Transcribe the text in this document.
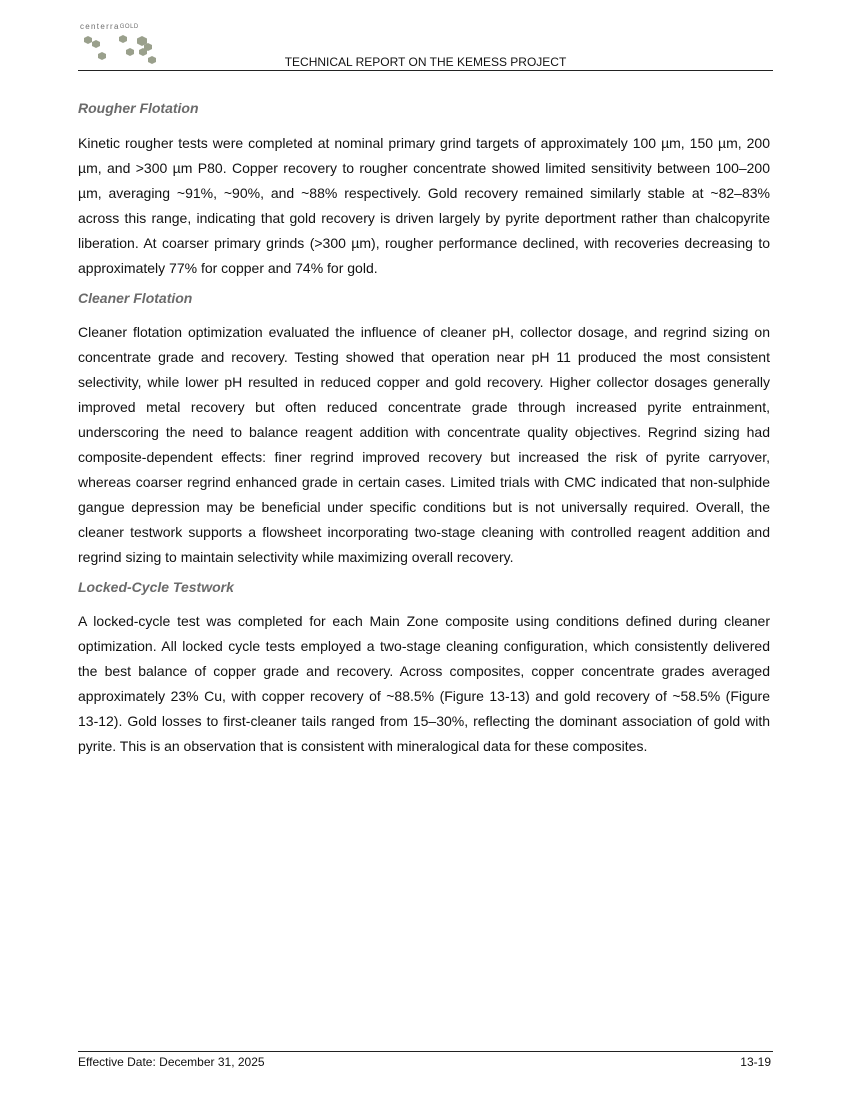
centerraGOLD
TECHNICAL REPORT ON THE KEMESS PROJECT
Rougher Flotation

Kinetic rougher tests were completed at nominal primary grind targets of approximately 100 µm, 150 µm, 200 µm, and >300 µm P80. Copper recovery to rougher concentrate showed limited sensitivity between 100–200 µm, averaging ~91%, ~90%, and ~88% respectively. Gold recovery remained similarly stable at ~82–83% across this range, indicating that gold recovery is driven largely by pyrite deportment rather than chalcopyrite liberation. At coarser primary grinds (>300 µm), rougher performance declined, with recoveries decreasing to approximately 77% for copper and 74% for gold.

Cleaner Flotation

Cleaner flotation optimization evaluated the influence of cleaner pH, collector dosage, and regrind sizing on concentrate grade and recovery. Testing showed that operation near pH 11 produced the most consistent selectivity, while lower pH resulted in reduced copper and gold recovery. Higher collector dosages generally improved metal recovery but often reduced concentrate grade through increased pyrite entrainment, underscoring the need to balance reagent addition with concentrate quality objectives. Regrind sizing had composite-dependent effects: finer regrind improved recovery but increased the risk of pyrite carryover, whereas coarser regrind enhanced grade in certain cases. Limited trials with CMC indicated that non-sulphide gangue depression may be beneficial under specific conditions but is not universally required. Overall, the cleaner testwork supports a flowsheet incorporating two-stage cleaning with controlled reagent addition and regrind sizing to maintain selectivity while maximizing overall recovery.

Locked-Cycle Testwork

A locked-cycle test was completed for each Main Zone composite using conditions defined during cleaner optimization. All locked cycle tests employed a two-stage cleaning configuration, which consistently delivered the best balance of copper grade and recovery. Across composites, copper concentrate grades averaged approximately 23% Cu, with copper recovery of ~88.5% (Figure 13-13) and gold recovery of ~58.5% (Figure 13-12). Gold losses to first-cleaner tails ranged from 15–30%, reflecting the dominant association of gold with pyrite. This is an observation that is consistent with mineralogical data for these composites.

Effective Date: December 31, 2025	13-19
